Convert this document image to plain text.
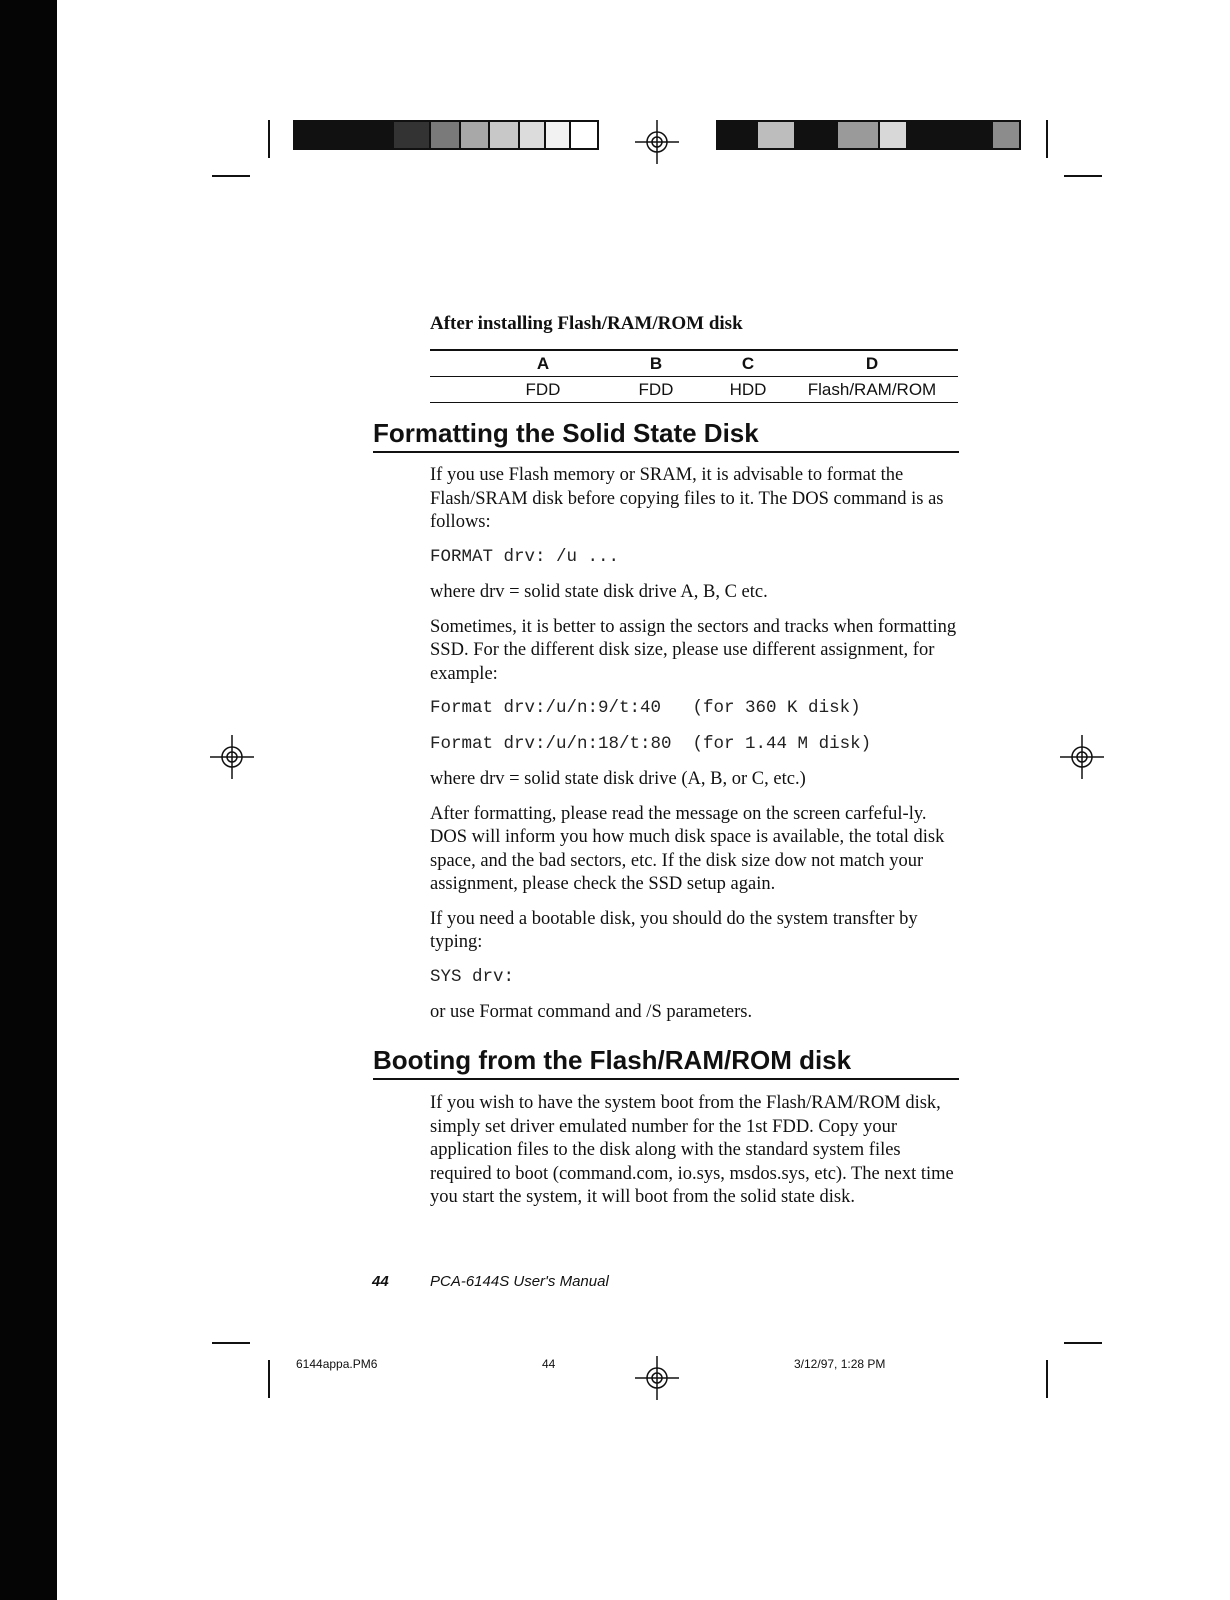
After installing Flash/RAM/ROM disk
A	B	C	D
FDD	FDD	HDD	Flash/RAM/ROM
Formatting the Solid State Disk

If you use Flash memory or SRAM, it is advisable to format the Flash/SRAM disk before copying files to it. The DOS command is as follows:

FORMAT drv: /u ...

where drv = solid state disk drive A, B, C etc.

Sometimes, it is better to assign the sectors and tracks when formatting SSD. For the different disk size, please use different assignment, for example:

Format drv:/u/n:9/t:40   (for 360 K disk)
Format drv:/u/n:18/t:80  (for 1.44 M disk)

where drv = solid state disk drive (A, B, or C, etc.)

After formatting, please read the message on the screen carfeful-ly. DOS will inform you how much disk space is available, the total disk space, and the bad sectors, etc. If the disk size dow not match your assignment, please check the SSD setup again.

If you need a bootable disk, you should do the system transfter by typing:

SYS drv:

or use Format command and /S parameters.

Booting from the Flash/RAM/ROM disk

If you wish to have the system boot from the Flash/RAM/ROM disk, simply set driver emulated number for the 1st FDD. Copy your application files to the disk along with the standard system files required to boot (command.com, io.sys, msdos.sys, etc). The next time you start the system, it will boot from the solid state disk.

44	PCA-6144S User's Manual
6144appa.PM6	44	3/12/97, 1:28 PM
